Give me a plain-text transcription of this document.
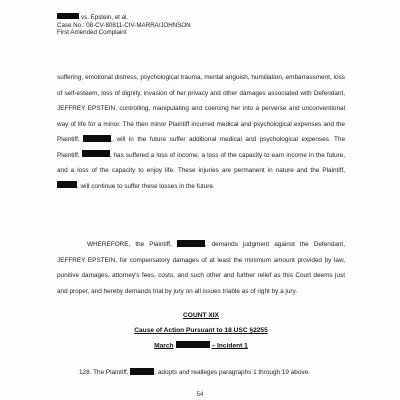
vs. Epstein, et al.
Case No.: 08-CV-80811-CIV-MARRA/JOHNSON
First Amended Complaint
suffering, emotional distress, psychological trauma, mental anguish, humiliation, embarrassment, loss of self-esteem, loss of dignity, invasion of her privacy and other damages associated with Defendant, JEFFREY EPSTEIN, controlling, manipulating and coercing her into a perverse and unconventional way of life for a minor. The then minor Plaintiff incurred medical and psychological expenses and the Plaintiff,	, will in the future suffer additional medical and psychological expenses. The Plaintiff,	, has suffered a loss of income, a loss of the capacity to earn income in the future, and a loss of the capacity to enjoy life. These injuries are permanent in nature and the Plaintiff, , will continue to suffer these losses in the future.
WHEREFORE, the Plaintiff,	, demands judgment against the Defendant, JEFFREY EPSTEIN, for compensatory damages of at least the minimum amount provided by law, punitive damages, attorney's fees, costs, and such other and further relief as this Court deems just and proper, and hereby demands trial by jury on all issues triable as of right by a jury.
COUNT XIX
Cause of Action Pursuant to 18 USC §2255
March	– Incident 1
128. The Plaintiff,	, adopts and realleges paragraphs 1 through 19 above.
54
